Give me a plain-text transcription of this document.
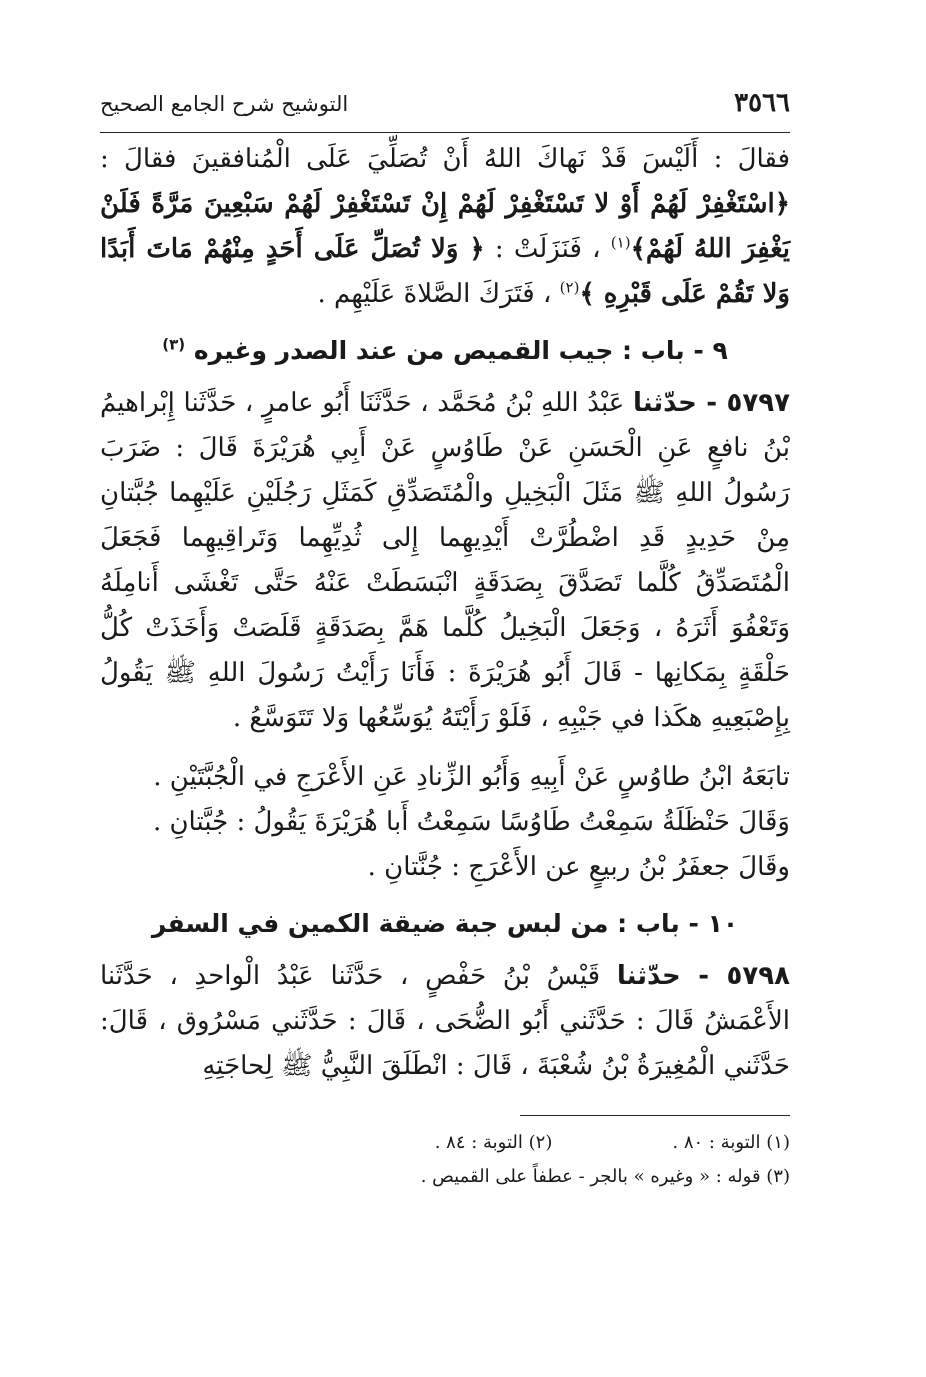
٣٥٦٦
التوشيح شرح الجامع الصحيح

فقالَ : أَلَيْسَ قَدْ نَهاكَ اللهُ أَنْ تُصَلِّيَ عَلَى الْمُنافقينَ فقالَ : ﴿اسْتَغْفِرْ لَهُمْ أَوْ لا تَسْتَغْفِرْ لَهُمْ إِنْ تَسْتَغْفِرْ لَهُمْ سَبْعِينَ مَرَّةً فَلَنْ يَغْفِرَ اللهُ لَهُمْ﴾$^{(١)}$ ، فَنَزَلَتْ : ﴿ وَلا تُصَلِّ عَلَى أَحَدٍ مِنْهُمْ مَاتَ أَبَدًا وَلا تَقُمْ عَلَى قَبْرِهِ ﴾$^{(٢)}$ ، فَتَرَكَ الصَّلاةَ عَلَيْهِم .

٩ - باب : جيب القميص من عند الصدر وغيره $^{(٣)}$

٥٧٩٧ - حدّثنا عَبْدُ اللهِ بْنُ مُحَمَّد ، حَدَّثَنَا أَبُو عامرٍ ، حَدَّثَنا إِبْراهيمُ بْنُ نافعٍ عَنِ الْحَسَنِ عَنْ طَاوُسٍ عَنْ أَبِي هُرَيْرَةَ قَالَ : ضَرَبَ رَسُولُ اللهِ ﷺ مَثَلَ الْبَخِيلِ والْمُتَصَدِّقِ كَمَثَلِ رَجُلَيْنِ عَلَيْهِما جُبَّتانِ مِنْ حَدِيدٍ قَدِ اضْطُرَّتْ أَيْدِيهِما إِلى ثُدِيِّهِما وَتَراقِيهِما فَجَعَلَ الْمُتَصَدِّقُ كُلَّما تَصَدَّقَ بِصَدَقَةٍ انْبَسَطَتْ عَنْهُ حَتَّى تَغْشَى أَنامِلَهُ وَتَعْفُوَ أَثَرَهُ ، وَجَعَلَ الْبَخِيلُ كُلَّما هَمَّ بِصَدَقَةٍ قَلَصَتْ وَأَخَذَتْ كُلُّ حَلْقَةٍ بِمَكانِها - قَالَ أَبُو هُرَيْرَةَ : فَأَنَا رَأَيْتُ رَسُولَ اللهِ ﷺ يَقُولُ بِإِصْبَعِيهِ هكَذا في جَيْبِهِ ، فَلَوْ رَأَيْتَهُ يُوَسِّعُها وَلا تَتَوَسَّعُ .

تابَعَهُ ابْنُ طاوُسٍ عَنْ أَبِيهِ وَأَبُو الزِّنادِ عَنِ الأَعْرَجِ في الْجُبَّتَيْنِ .

وَقَالَ حَنْظَلَةُ سَمِعْتُ طَاوُسًا سَمِعْتُ أَبا هُرَيْرَةَ يَقُولُ : جُبَّتانِ .

وقَالَ جعفَرُ بْنُ ربيعٍ عن الأَعْرَجِ : جُنَّتانِ .

١٠ - باب : من لبس جبة ضيقة الكمين في السفر

٥٧٩٨ - حدّثنا قَيْسُ بْنُ حَفْصٍ ، حَدَّثَنا عَبْدُ الْواحدِ ، حَدَّثَنا الأَعْمَشُ قَالَ : حَدَّثَني أَبُو الضُّحَى ، قَالَ : حَدَّثَني مَسْرُوق ، قَالَ: حَدَّثَني الْمُغِيرَةُ بْنُ شُعْبَةَ ، قَالَ : انْطَلَقَ النَّبِيُّ ﷺ لِحاجَتِهِ

(١) التوبة : ٨٠ .
(٢) التوبة : ٨٤ .
(٣) قوله : « وغيره » بالجر - عطفاً على القميص .
